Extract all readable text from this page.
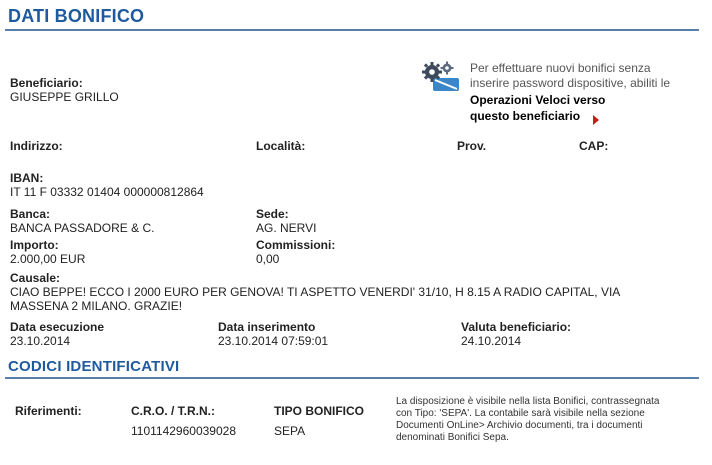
DATI BONIFICO
Beneficiario:
GIUSEPPE GRILLO
Per effettuare nuovi bonifici senza
inserire password dispositive, abiliti le
Operazioni Veloci verso
questo beneficiario
Indirizzo:	Località:	Prov.	CAP:
IBAN:
IT 11 F 03332 01404 000000812864
Banca:
BANCA PASSADORE & C.
Sede:
AG. NERVI
Importo:
2.000,00 EUR
Commissioni:
0,00
Causale:
CIAO BEPPE! ECCO I 2000 EURO PER GENOVA! TI ASPETTO VENERDI' 31/10, H 8.15 A RADIO CAPITAL, VIA
MASSENA 2 MILANO. GRAZIE!
Data esecuzione
23.10.2014
Data inserimento
23.10.2014 07:59:01
Valuta beneficiario:
24.10.2014
CODICI IDENTIFICATIVI
Riferimenti:	C.R.O. / T.R.N.:
1101142960039028
TIPO BONIFICO
SEPA
La disposizione è visibile nella lista Bonifici, contrassegnata
con Tipo: 'SEPA'. La contabile sarà visibile nella sezione
Documenti OnLine> Archivio documenti, tra i documenti
denominati Bonifici Sepa.
